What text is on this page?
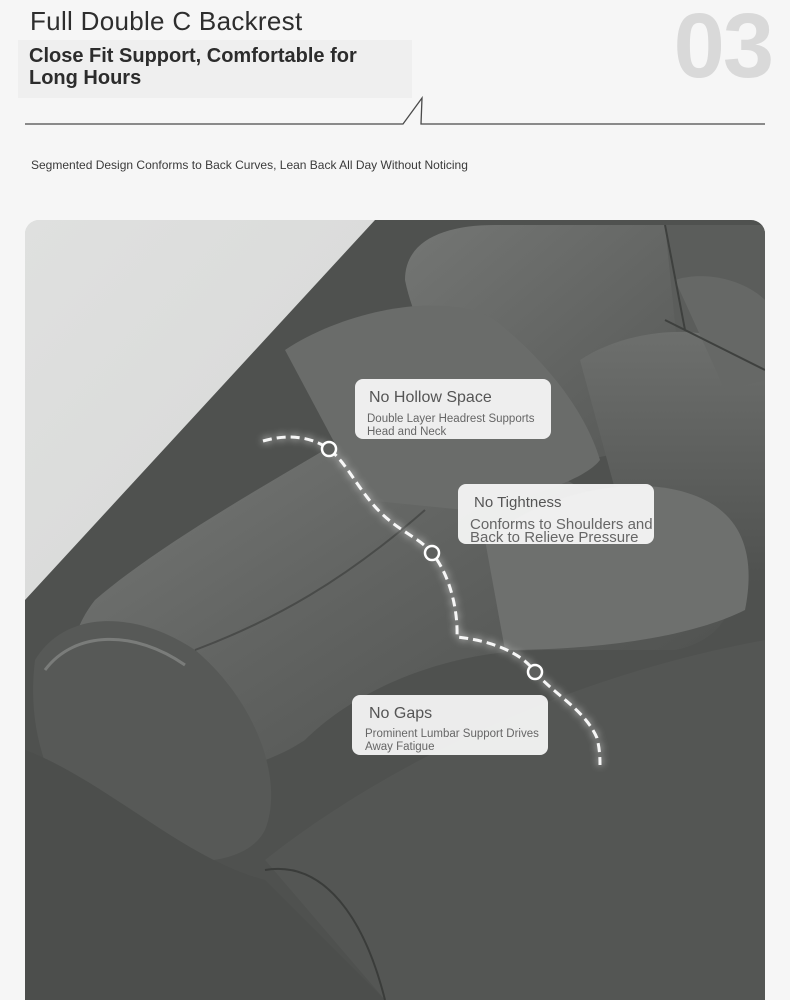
Full Double C Backrest
Close Fit Support, Comfortable for Long Hours	03
Segmented Design Conforms to Back Curves, Lean Back All Day Without Noticing
No Hollow Space
Double Layer Headrest Supports Head and Neck
No Tightness
Conforms to Shoulders and Back to Relieve Pressure
No Gaps
Prominent Lumbar Support Drives Away Fatigue
